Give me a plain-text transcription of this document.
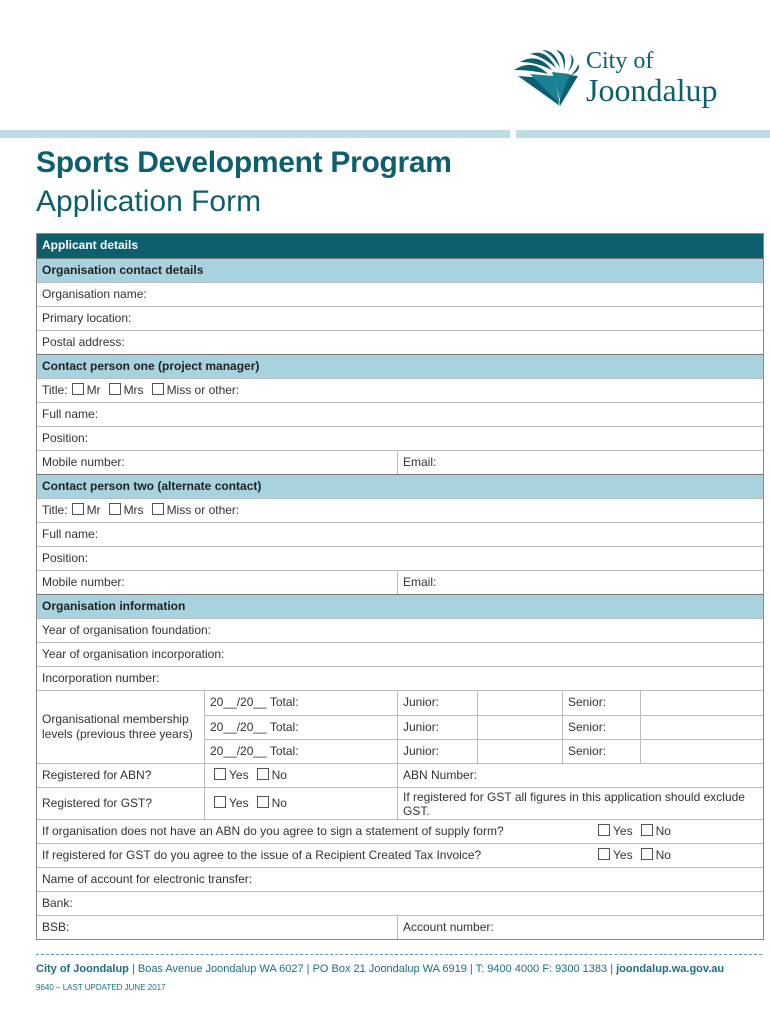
City of
Joondalup
Sports Development Program
Application Form
Applicant details
Organisation contact details
Organisation name:
Primary location:
Postal address:
Contact person one (project manager)
Title: Mr Mrs Miss or other:
Full name:
Position:
Mobile number:	Email:
Contact person two (alternate contact)
Title: Mr Mrs Miss or other:
Full name:
Position:
Mobile number:	Email:
Organisation information
Year of organisation foundation:
Year of organisation incorporation:
Incorporation number:
Organisational membership levels (previous three years)
20__/20__ Total:	Junior:	Senior:
20__/20__ Total:	Junior:	Senior:
20__/20__ Total:	Junior:	Senior:
Registered for ABN?	Yes No	ABN Number:
Registered for GST?	Yes No	If registered for GST all figures in this application should exclude GST.
If organisation does not have an ABN do you agree to sign a statement of supply form?	Yes No
If registered for GST do you agree to the issue of a Recipient Created Tax Invoice?	Yes No
Name of account for electronic transfer:
Bank:
BSB:	Account number:
City of Joondalup | Boas Avenue Joondalup WA 6027 | PO Box 21 Joondalup WA 6919 | T: 9400 4000 F: 9300 1383 | joondalup.wa.gov.au
9640 – LAST UPDATED JUNE 2017
